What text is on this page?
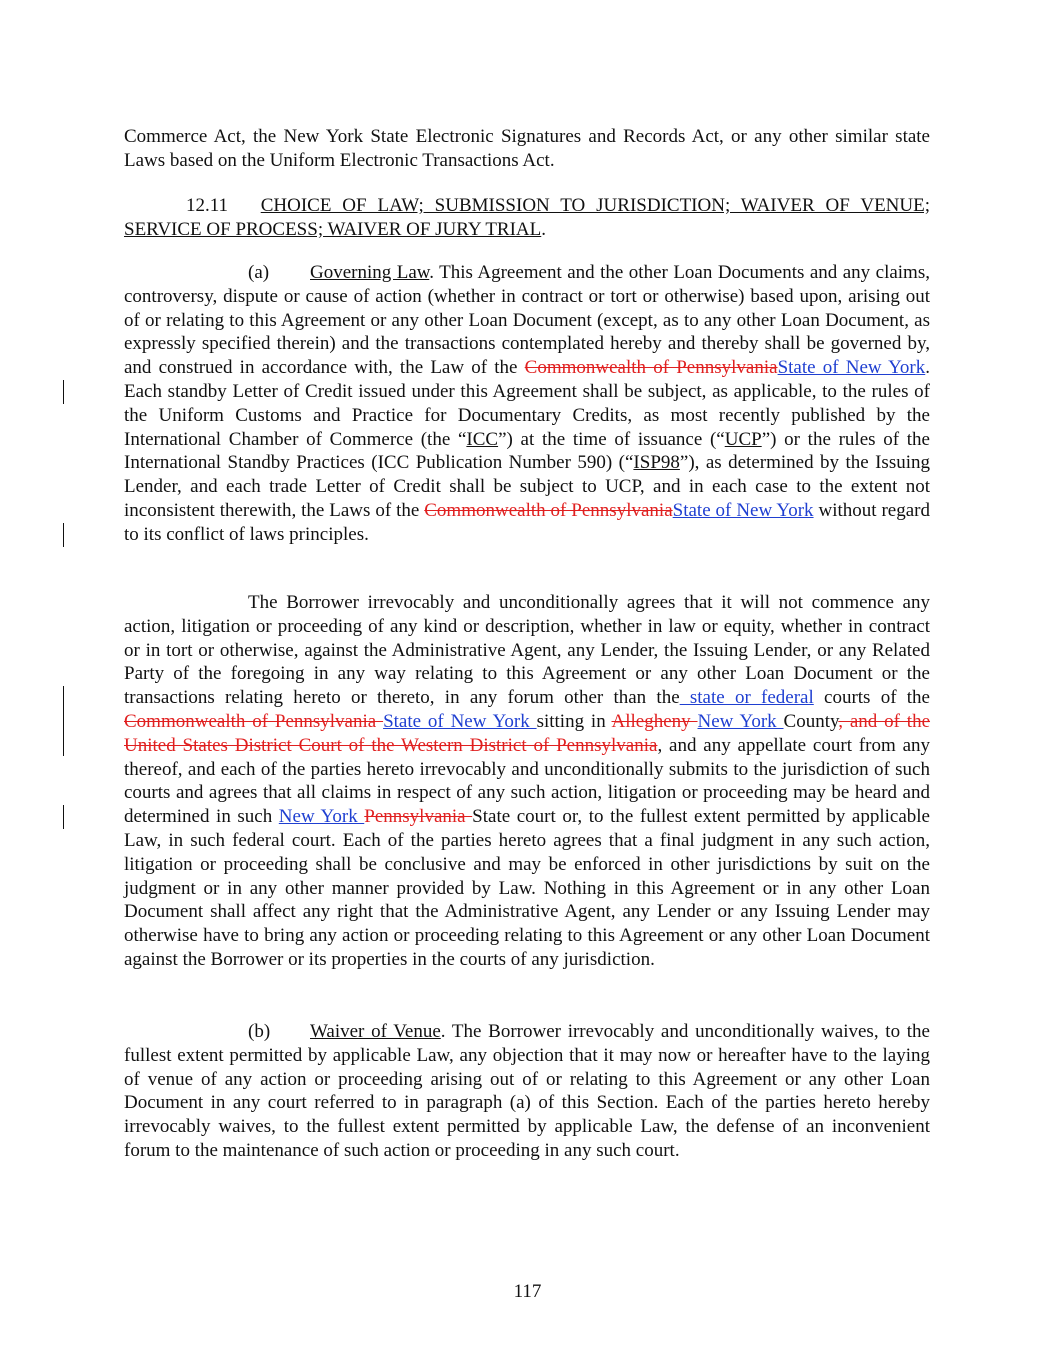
Commerce Act, the New York State Electronic Signatures and Records Act, or any other similar state Laws based on the Uniform Electronic Transactions Act.

12.11 CHOICE OF LAW; SUBMISSION TO JURISDICTION; WAIVER OF VENUE; SERVICE OF PROCESS; WAIVER OF JURY TRIAL.

(a) Governing Law. This Agreement and the other Loan Documents and any claims, controversy, dispute or cause of action (whether in contract or tort or otherwise) based upon, arising out of or relating to this Agreement or any other Loan Document (except, as to any other Loan Document, as expressly specified therein) and the transactions contemplated hereby and thereby shall be governed by, and construed in accordance with, the Law of the Commonwealth of PennsylvaniaState of New York. Each standby Letter of Credit issued under this Agreement shall be subject, as applicable, to the rules of the Uniform Customs and Practice for Documentary Credits, as most recently published by the International Chamber of Commerce (the “ICC”) at the time of issuance (“UCP”) or the rules of the International Standby Practices (ICC Publication Number 590) (“ISP98”), as determined by the Issuing Lender, and each trade Letter of Credit shall be subject to UCP, and in each case to the extent not inconsistent therewith, the Laws of the Commonwealth of PennsylvaniaState of New York without regard to its conflict of laws principles.

The Borrower irrevocably and unconditionally agrees that it will not commence any action, litigation or proceeding of any kind or description, whether in law or equity, whether in contract or in tort or otherwise, against the Administrative Agent, any Lender, the Issuing Lender, or any Related Party of the foregoing in any way relating to this Agreement or any other Loan Document or the transactions relating hereto or thereto, in any forum other than the state or federal courts of the Commonwealth of Pennsylvania State of New York sitting in Allegheny New York County, and of the United States District Court of the Western District of Pennsylvania, and any appellate court from any thereof, and each of the parties hereto irrevocably and unconditionally submits to the jurisdiction of such courts and agrees that all claims in respect of any such action, litigation or proceeding may be heard and determined in such New York Pennsylvania State court or, to the fullest extent permitted by applicable Law, in such federal court. Each of the parties hereto agrees that a final judgment in any such action, litigation or proceeding shall be conclusive and may be enforced in other jurisdictions by suit on the judgment or in any other manner provided by Law. Nothing in this Agreement or in any other Loan Document shall affect any right that the Administrative Agent, any Lender or any Issuing Lender may otherwise have to bring any action or proceeding relating to this Agreement or any other Loan Document against the Borrower or its properties in the courts of any jurisdiction.

(b) Waiver of Venue. The Borrower irrevocably and unconditionally waives, to the fullest extent permitted by applicable Law, any objection that it may now or hereafter have to the laying of venue of any action or proceeding arising out of or relating to this Agreement or any other Loan Document in any court referred to in paragraph (a) of this Section. Each of the parties hereto hereby irrevocably waives, to the fullest extent permitted by applicable Law, the defense of an inconvenient forum to the maintenance of such action or proceeding in any such court.

117
